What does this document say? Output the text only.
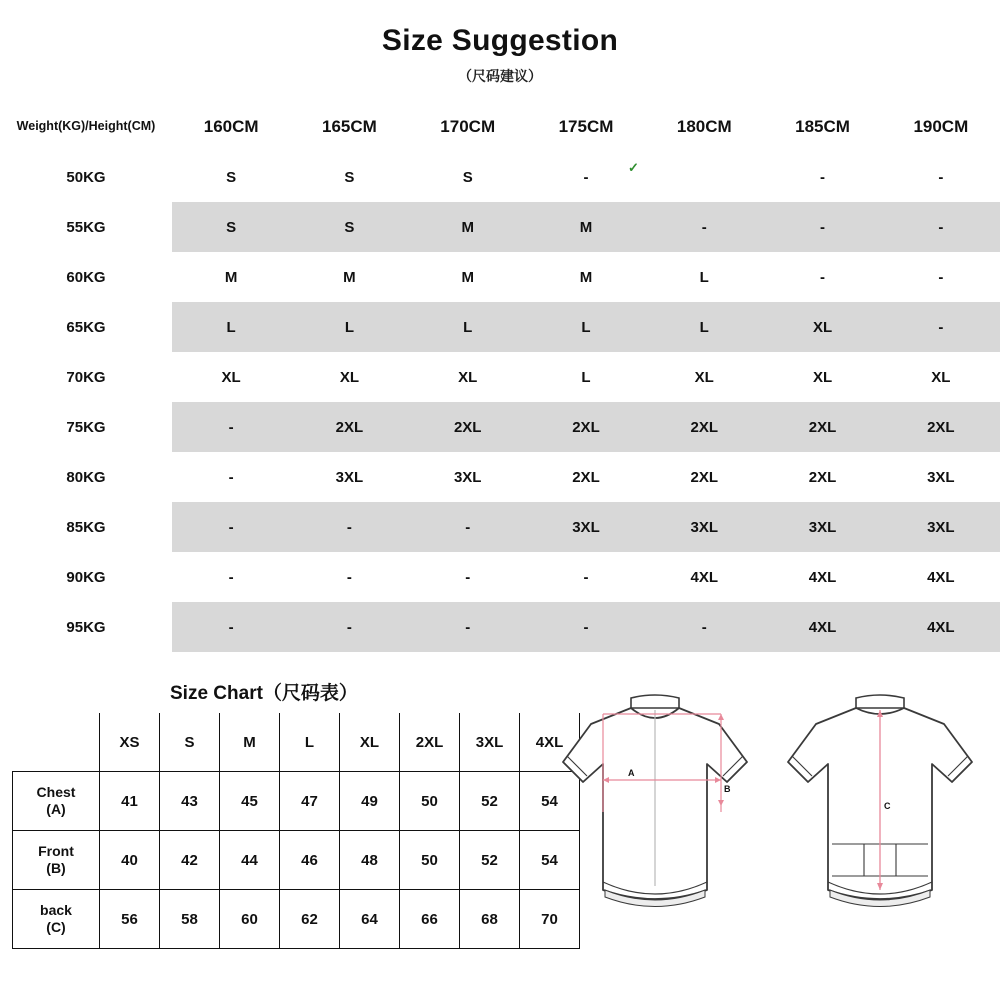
Size Suggestion
（尺码建议）
Weight(KG)/Height(CM)	160CM	165CM	170CM	175CM	180CM	185CM	190CM
50KG	S	S	S	-		-	-
55KG	S	S	M	M	-	-	-
60KG	M	M	M	M	L	-	-
65KG	L	L	L	L	L	XL	-
70KG	XL	XL	XL	L	XL	XL	XL
75KG	-	2XL	2XL	2XL	2XL	2XL	2XL
80KG	-	3XL	3XL	2XL	2XL	2XL	3XL
85KG	-	-	-	3XL	3XL	3XL	3XL
90KG	-	-	-	-	4XL	4XL	4XL
95KG	-	-	-	-	-	4XL	4XL
✓
Size Chart（尺码表）
	XS	S	M	L	XL	2XL	3XL	4XL

Chest
(A)	41	43	45	47	49	50	52	54

Front
(B)	40	42	44	46	48	50	52	54

back
(C)	56	58	60	62	64	66	68	70
A
B
C
